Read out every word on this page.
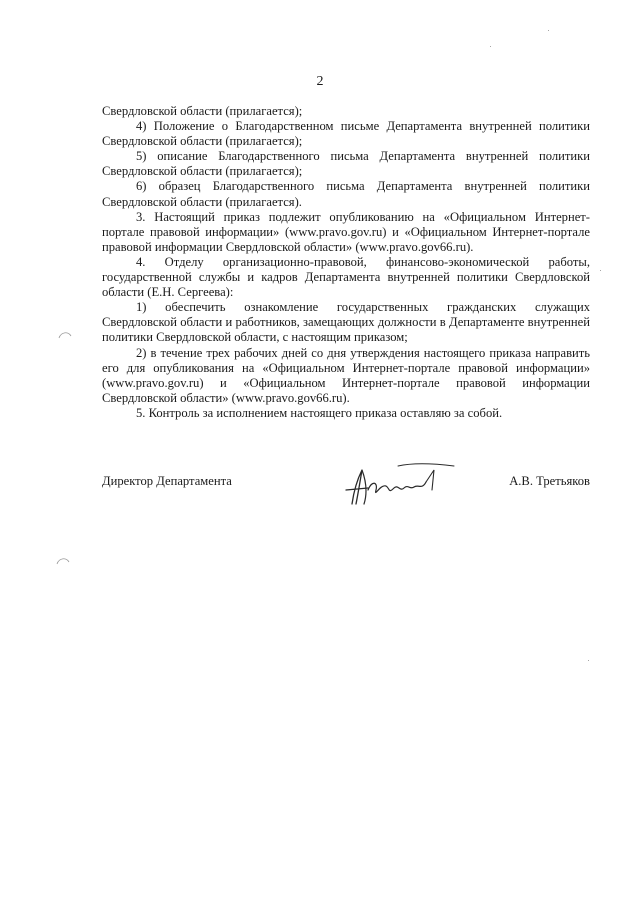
2

Свердловской области (прилагается);

4) Положение о Благодарственном письме Департамента внутренней политики Свердловской области (прилагается);

5) описание Благодарственного письма Департамента внутренней политики Свердловской области (прилагается);

6) образец Благодарственного письма Департамента внутренней политики Свердловской области (прилагается).

3. Настоящий приказ подлежит опубликованию на «Официальном Интернет-портале правовой информации» (www.pravo.gov.ru) и «Официальном Интернет-портале правовой информации Свердловской области» (www.pravo.gov66.ru).

4. Отделу организационно-правовой, финансово-экономической работы, государственной службы и кадров Департамента внутренней политики Свердловской области (Е.Н. Сергеева):

1) обеспечить ознакомление государственных гражданских служащих Свердловской области и работников, замещающих должности в Департаменте внутренней политики Свердловской области, с настоящим приказом;

2) в течение трех рабочих дней со дня утверждения настоящего приказа направить его для опубликования на «Официальном Интернет-портале правовой информации» (www.pravo.gov.ru) и «Официальном Интернет-портале правовой информации Свердловской области» (www.pravo.gov66.ru).

5. Контроль за исполнением настоящего приказа оставляю за собой.

Директор Департамента	А.В. Третьяков
